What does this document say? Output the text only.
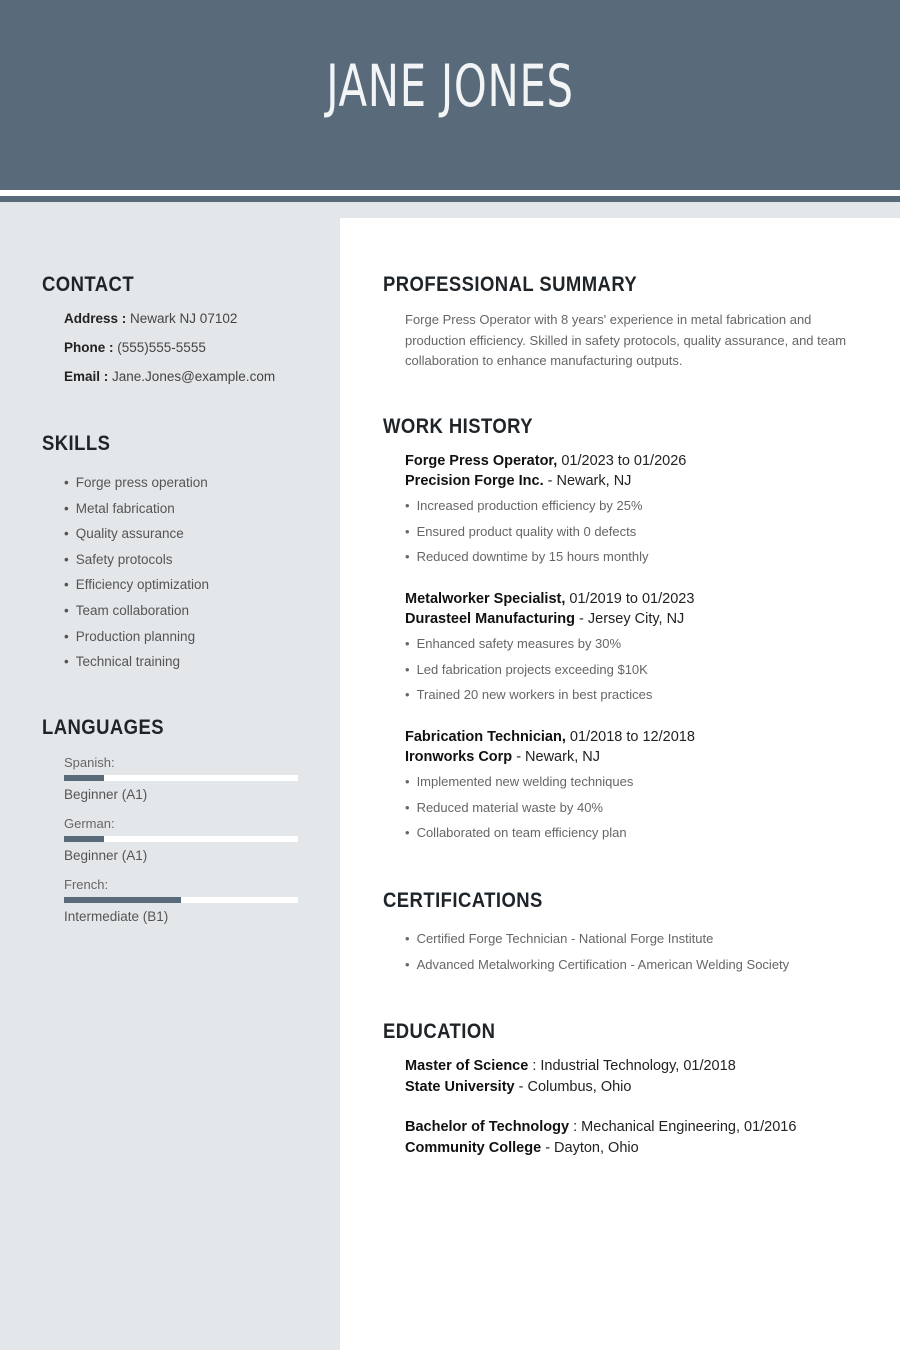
JANE JONES
CONTACT
Address : Newark NJ 07102
Phone : (555)555-5555
Email : Jane.Jones@example.com
SKILLS
• Forge press operation
• Metal fabrication
• Quality assurance
• Safety protocols
• Efficiency optimization
• Team collaboration
• Production planning
• Technical training
LANGUAGES
Spanish:
Beginner (A1)
German:
Beginner (A1)
French:
Intermediate (B1)
PROFESSIONAL SUMMARY
Forge Press Operator with 8 years' experience in metal fabrication and production efficiency. Skilled in safety protocols, quality assurance, and team collaboration to enhance manufacturing outputs.
WORK HISTORY
Forge Press Operator, 01/2023 to 01/2026
Precision Forge Inc. - Newark, NJ
• Increased production efficiency by 25%
• Ensured product quality with 0 defects
• Reduced downtime by 15 hours monthly
Metalworker Specialist, 01/2019 to 01/2023
Durasteel Manufacturing - Jersey City, NJ
• Enhanced safety measures by 30%
• Led fabrication projects exceeding $10K
• Trained 20 new workers in best practices
Fabrication Technician, 01/2018 to 12/2018
Ironworks Corp - Newark, NJ
• Implemented new welding techniques
• Reduced material waste by 40%
• Collaborated on team efficiency plan
CERTIFICATIONS
• Certified Forge Technician - National Forge Institute
• Advanced Metalworking Certification - American Welding Society
EDUCATION
Master of Science : Industrial Technology, 01/2018
State University - Columbus, Ohio
Bachelor of Technology : Mechanical Engineering, 01/2016
Community College - Dayton, Ohio
